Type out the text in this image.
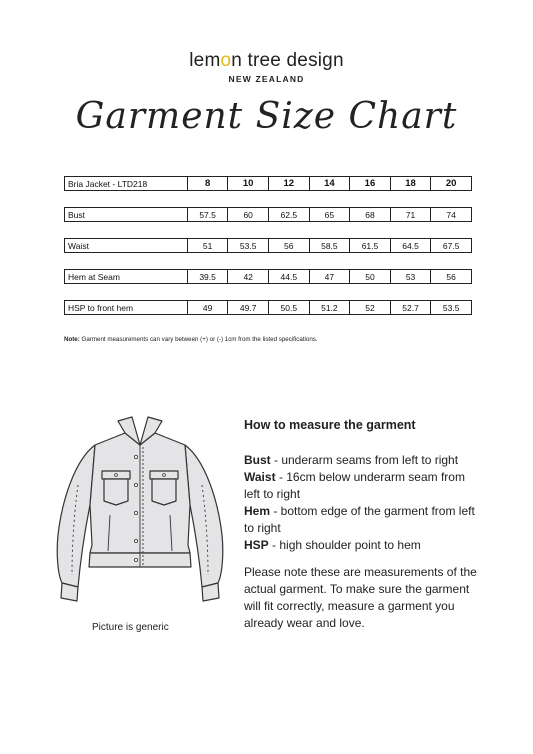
lemon tree design
NEW ZEALAND
Garment Size Chart
Bria Jacket - LTD218	8	10	12	14	16	18	20
Bust	57.5	60	62.5	65	68	71	74
Waist	51	53.5	56	58.5	61.5	64.5	67.5
Hem at Seam	39.5	42	44.5	47	50	53	56
HSP to front hem	49	49.7	50.5	51.2	52	52.7	53.5
Note: Garment measurements can vary between (+) or (-) 1cm from the listed specifications.
Picture is generic
How to measure the garment
Bust - underarm seams from left to right
Waist - 16cm below underarm seam from left to right
Hem - bottom edge of the garment from left to right
HSP - high shoulder point to hem
Please note these are measurements of the actual garment. To make sure the garment will fit correctly, measure a garment you already wear and love.
